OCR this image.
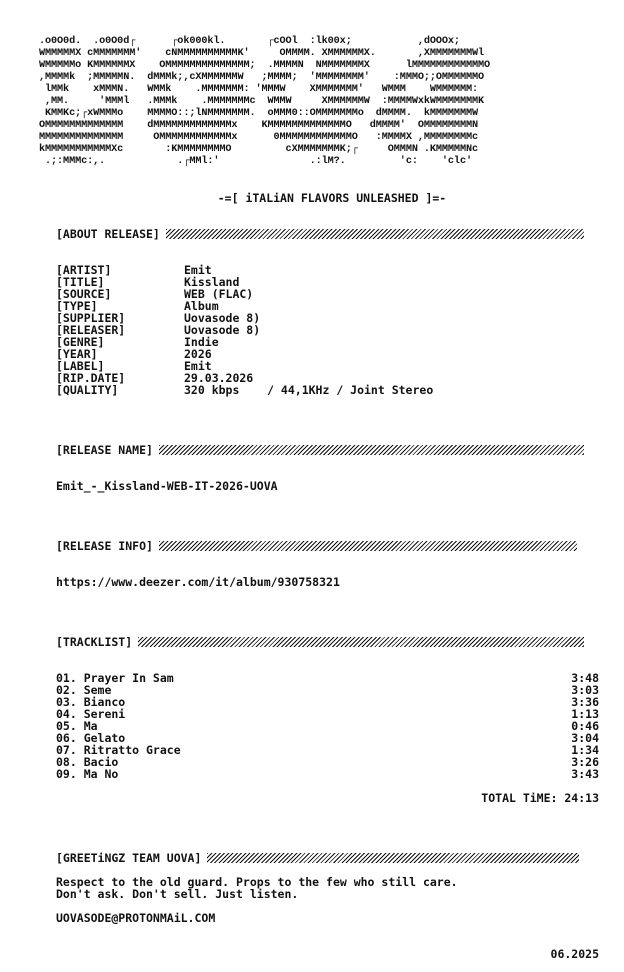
.o0O0d.  .o0O0d┌      ┌ok000kl.       ┌cOOl  :lk00x;           ,dOOOx;
WMMMMMX cMMMMMMM'    cNMMMMMMMMMMK'     OMMMM. XMMMMMMX.       ,XMMMMMMMWl
WMMMMMo KMMMMMMX    OMMMMMMMMMMMMMM;  .MMMMN  NMMMMMMMX      lMMMMMMMMMMMMO
,MMMMk  ;MMMMMN.  dMMMk;,cXMMMMMMW   ;MMMM;  'MMMMMMMM'    :MMMO;;OMMMMMMO
lMMk    xMMMN.   WMMk    .MMMMMMM: 'MMMW    XMMMMMMM'   WMMM    WMMMMMM:
,MM.     'MMMl   .MMMk    .MMMMMMMc  WMMW     XMMMMMMW  :MMMMWxkWMMMMMMMK
KMMKc;┌xWMMMo    MMMMO::;lNMMMMMMM.  oMMM0::OMMMMMMMo  dMMMM.  kMMMMMMMW
OMMMMMMMMMMMMM    dMMMMMMMMMMMMMx    KMMMMMMMMMMMMMO   dMMMM'  OMMMMMMMMN
MMMMMMMMMMMMMM     OMMMMMMMMMMMMx      0MMMMMMMMMMMMO   :MMMMX ,MMMMMMMMc
kMMMMMMMMMMMXc       :KMMMMMMMMO         cXMMMMMMMK;┌     OMMMN .KMMMMMNc
.;:MMMc:,.            .┌MMl:'               .:lM?.         'c:    'clc'
-=[ iTALiAN FLAVORS UNLEASHED ]=-
[ABOUT RELEASE]
[ARTIST]	Emit
[TITLE]	Kissland
[SOURCE]	WEB (FLAC)
[TYPE]	Album
[SUPPLIER]	Uovasode 8)
[RELEASER]	Uovasode 8)
[GENRE]	Indie
[YEAR]	2026
[LABEL]	Emit
[RIP.DATE]	29.03.2026
[QUALITY]	320 kbps    / 44,1KHz / Joint Stereo
[RELEASE NAME]
Emit_-_Kissland-WEB-IT-2026-UOVA
[RELEASE INFO]
https://www.deezer.com/it/album/930758321
[TRACKLIST]
01. Prayer In Sam	3:48
02. Seme	3:03
03. Bianco	3:36
04. Sereni	1:13
05. Ma	0:46
06. Gelato	3:04
07. Ritratto Grace	1:34
08. Bacio	3:26
09. Ma No	3:43
TOTAL TiME: 24:13
[GREETiNGZ TEAM UOVA]
Respect to the old guard. Props to the few who still care.
Don't ask. Don't sell. Just listen.
UOVASODE@PROTONMAiL.COM
06.2025
